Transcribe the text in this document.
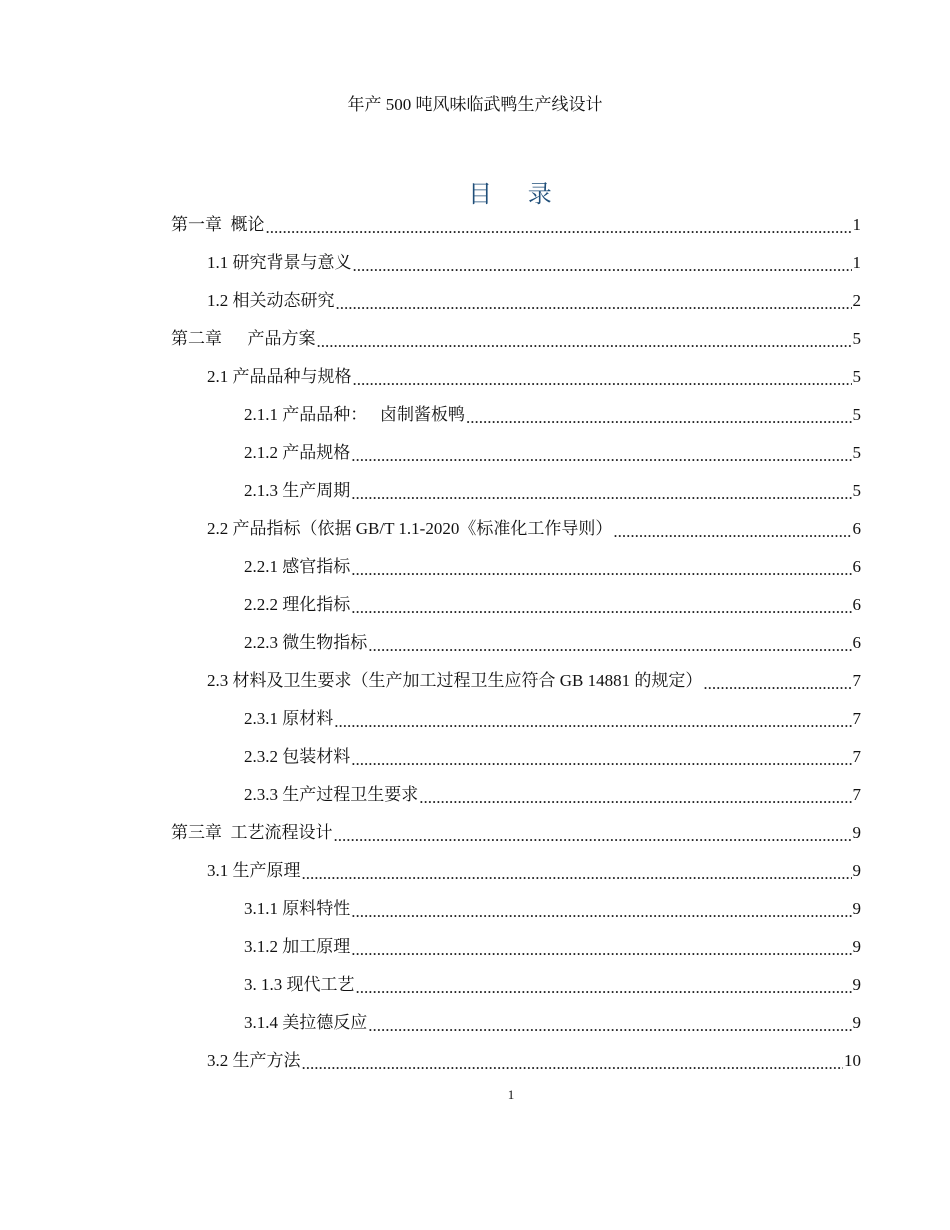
年产 500 吨风味临武鸭生产线设计
目 录
第一章  概论 .....	1
1.1 研究背景与意义 .....	1
1.2 相关动态研究 .....	2
第二章      产品方案 .....	5
2.1 产品品种与规格 .....	5
2.1.1 产品品种：   卤制酱板鸭 .....	5
2.1.2 产品规格 .....	5
2.1.3 生产周期 .....	5
2.2 产品指标（依据 GB/T 1.1-2020《标准化工作导则） .....	6
2.2.1 感官指标 .....	6
2.2.2 理化指标 .....	6
2.2.3 微生物指标 .....	6
2.3 材料及卫生要求（生产加工过程卫生应符合 GB 14881 的规定） .....	7
2.3.1 原材料 .....	7
2.3.2 包装材料 .....	7
2.3.3 生产过程卫生要求 .....	7
第三章  工艺流程设计 .....	9
3.1 生产原理 .....	9
3.1.1 原料特性 .....	9
3.1.2 加工原理 .....	9
3. 1.3 现代工艺 .....	9
3.1.4 美拉德反应 .....	9
3.2 生产方法 .....	10
1
